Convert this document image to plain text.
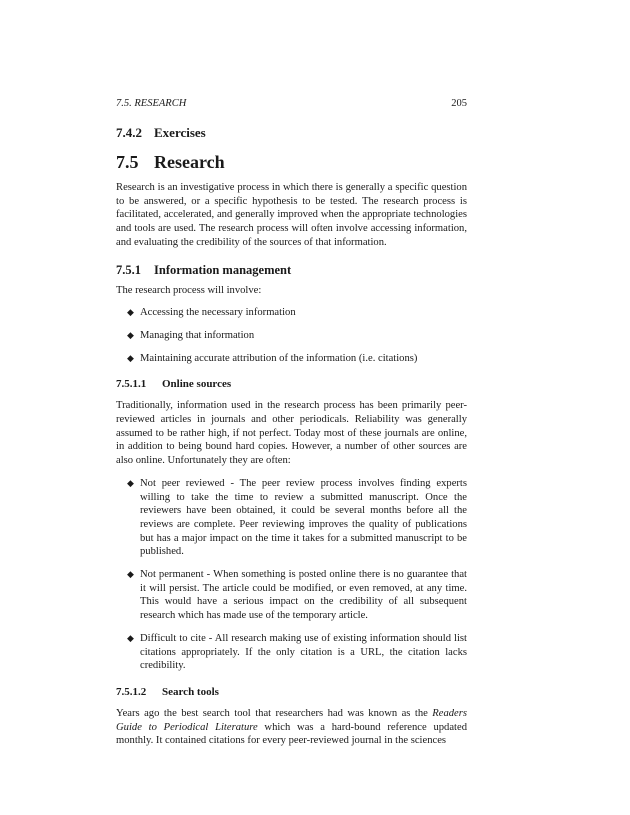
7.5. RESEARCH	205
7.4.2 Exercises
7.5 Research

Research is an investigative process in which there is generally a specific question to be answered, or a specific hypothesis to be tested. The research process is facilitated, accelerated, and generally improved when the appropriate technologies and tools are used. The research process will often involve accessing information, and evaluating the credibility of the sources of that information.

7.5.1 Information management

The research process will involve:

◆ Accessing the necessary information
◆ Managing that information
◆ Maintaining accurate attribution of the information (i.e. citations)
7.5.1.1 Online sources

Traditionally, information used in the research process has been primarily peer-reviewed articles in journals and other periodicals. Reliability was generally assumed to be rather high, if not perfect. Today most of these journals are online, in addition to being bound hard copies. However, a number of other sources are also online. Unfortunately they are often:

◆ Not peer reviewed - The peer review process involves finding experts willing to take the time to review a submitted manuscript. Once the reviewers have been obtained, it could be several months before all the reviews are complete. Peer reviewing improves the quality of publications but has a major impact on the time it takes for a submitted manuscript to be published.
◆ Not permanent - When something is posted online there is no guarantee that it will persist. The article could be modified, or even removed, at any time. This would have a serious impact on the credibility of all subsequent research which has made use of the temporary article.
◆ Difficult to cite - All research making use of existing information should list citations appropriately. If the only citation is a URL, the citation lacks credibility.
7.5.1.2 Search tools

Years ago the best search tool that researchers had was known as the Readers Guide to Periodical Literature which was a hard-bound reference updated monthly. It contained citations for every peer-reviewed journal in the sciences
